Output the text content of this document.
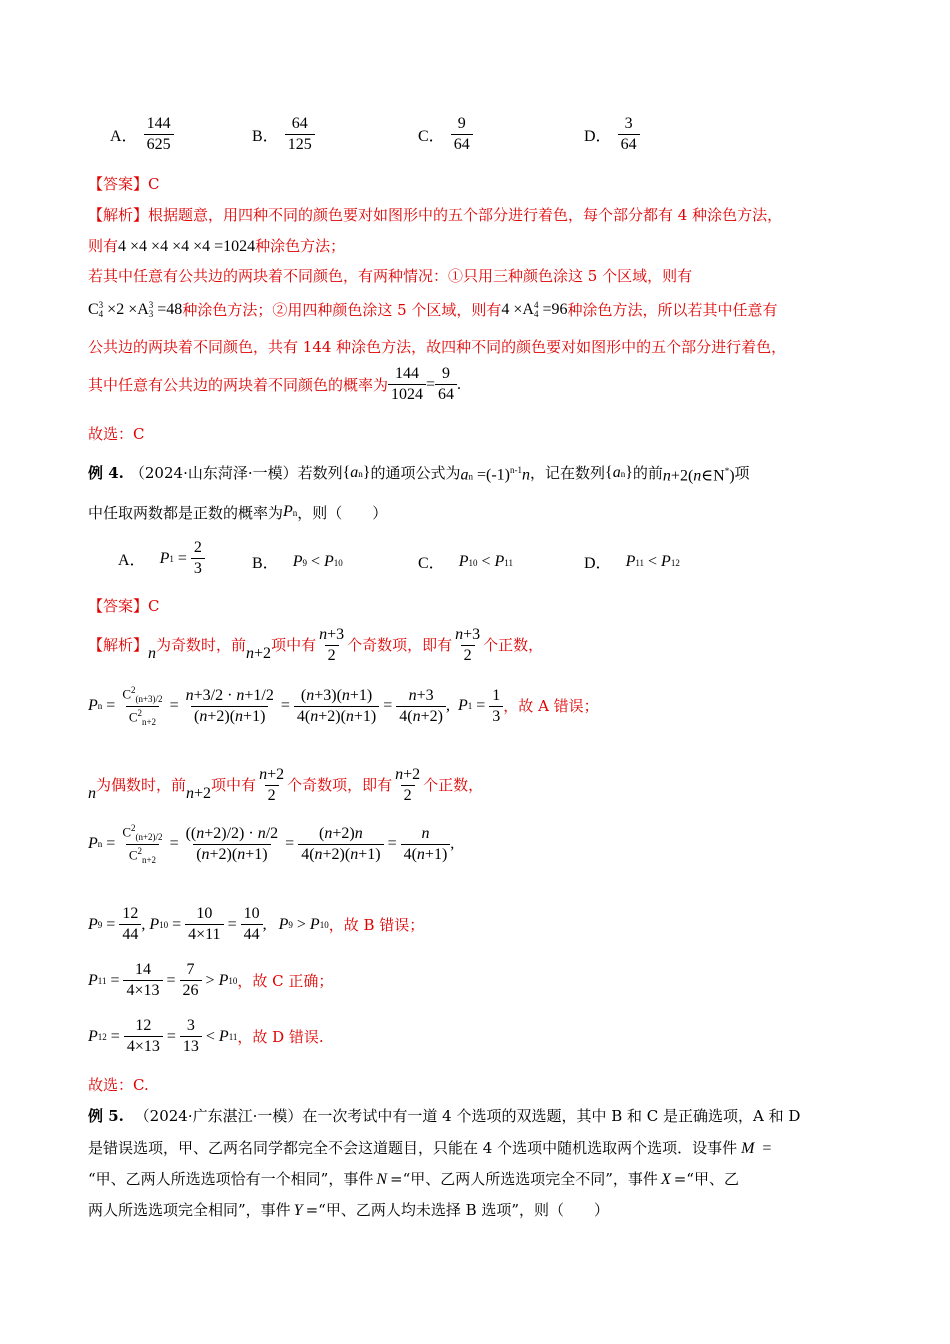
A． $\frac{144}{625}$	B． $\frac{64}{125}$	C． $\frac{9}{64}$	D． $\frac{3}{64}$
【答案】C
【解析】根据题意，用四种不同的颜色要对如图形中的五个部分进行着色，每个部分都有 4 种涂色方法，
则有4 ×4 ×4 ×4 ×4 =1024种涂色方法；
若其中任意有公共边的两块着不同颜色，有两种情况：①只用三种颜色涂这 5 个区域，则有
C 3
4 ×2 ×A 3
3 =48 种涂色方法；②用四种颜色涂这 5 个区域，则有 4 ×A 4
4 =96 种涂色方法，所以若其中任意有
公共边的两块着不同颜色，共有 144 种涂色方法，故四种不同的颜色要对如图形中的五个部分进行着色，
其中任意有公共边的两块着不同颜色的概率为 $\frac{144}{1024} = \frac{9}{64}$ .
故选：C
例 4. （2024·山东菏泽·一模）若数列 {an} 的通项公式为 an $=(-1)^{n-1}n$ ，记在数列 {an} 的前 n+2(n∈N*) 项
中任取两数都是正数的概率为 Pn ，则（　　）
A． P $1 = \frac{2}{3}$	B． P9 < P10	C． P10 < P11	D． P11 < P12
【答案】C
【解析】 n 为奇数时，前 n+2 项中有 $\frac{n+3}{2}$ 个奇数项，即有 $\frac{n+3}{2}$ 个正数，
P $n = \frac{C^2_{(n+3)/2}}{C^2_{n+2}} = \frac{n+3/2 \cdot n+1/2}{(n+2)(n+1)} = \frac{(n+3)(n+1)}{4(n+2)(n+1)} = \frac{n+3}{4(n+2)}$ , P $1 = \frac{1}{3}$ ，故 A 错误；
n 为偶数时，前 n+2 项中有 $\frac{n+2}{2}$ 个奇数项，即有 $\frac{n+2}{2}$ 个正数，
P $n = \frac{C^2_{(n+2)/2}}{C^2_{n+2}} = \frac{((n+2)/2) \cdot n/2}{(n+2)(n+1)} = \frac{(n+2)n}{4(n+2)(n+1)} = \frac{n}{4(n+1)}$ ,
P $9 = \frac{12}{44}$ , P $10 = \frac{10}{4\times 11} = \frac{10}{44}$ , P 9 > P 10 ，故 B 错误；
P $11 = \frac{14}{4\times 13} = \frac{7}{26} > P$ 10 ，故 C 正确；
P $12 = \frac{12}{4\times 13} = \frac{3}{13} < P$ 11 ，故 D 错误.
故选：C.
例 5. （2024·广东湛江·一模）在一次考试中有一道 4 个选项的双选题，其中 B 和 C 是正确选项，A 和 D
是错误选项，甲、乙两名同学都完全不会这道题目，只能在 4 个选项中随机选取两个选项．设事件 M =
“甲、乙两人所选选项恰有一个相同”，事件 N =“甲、乙两人所选选项完全不同”，事件 X =“甲、乙
两人所选选项完全相同”，事件 Y =“甲、乙两人均未选择 B 选项”，则（　　）
